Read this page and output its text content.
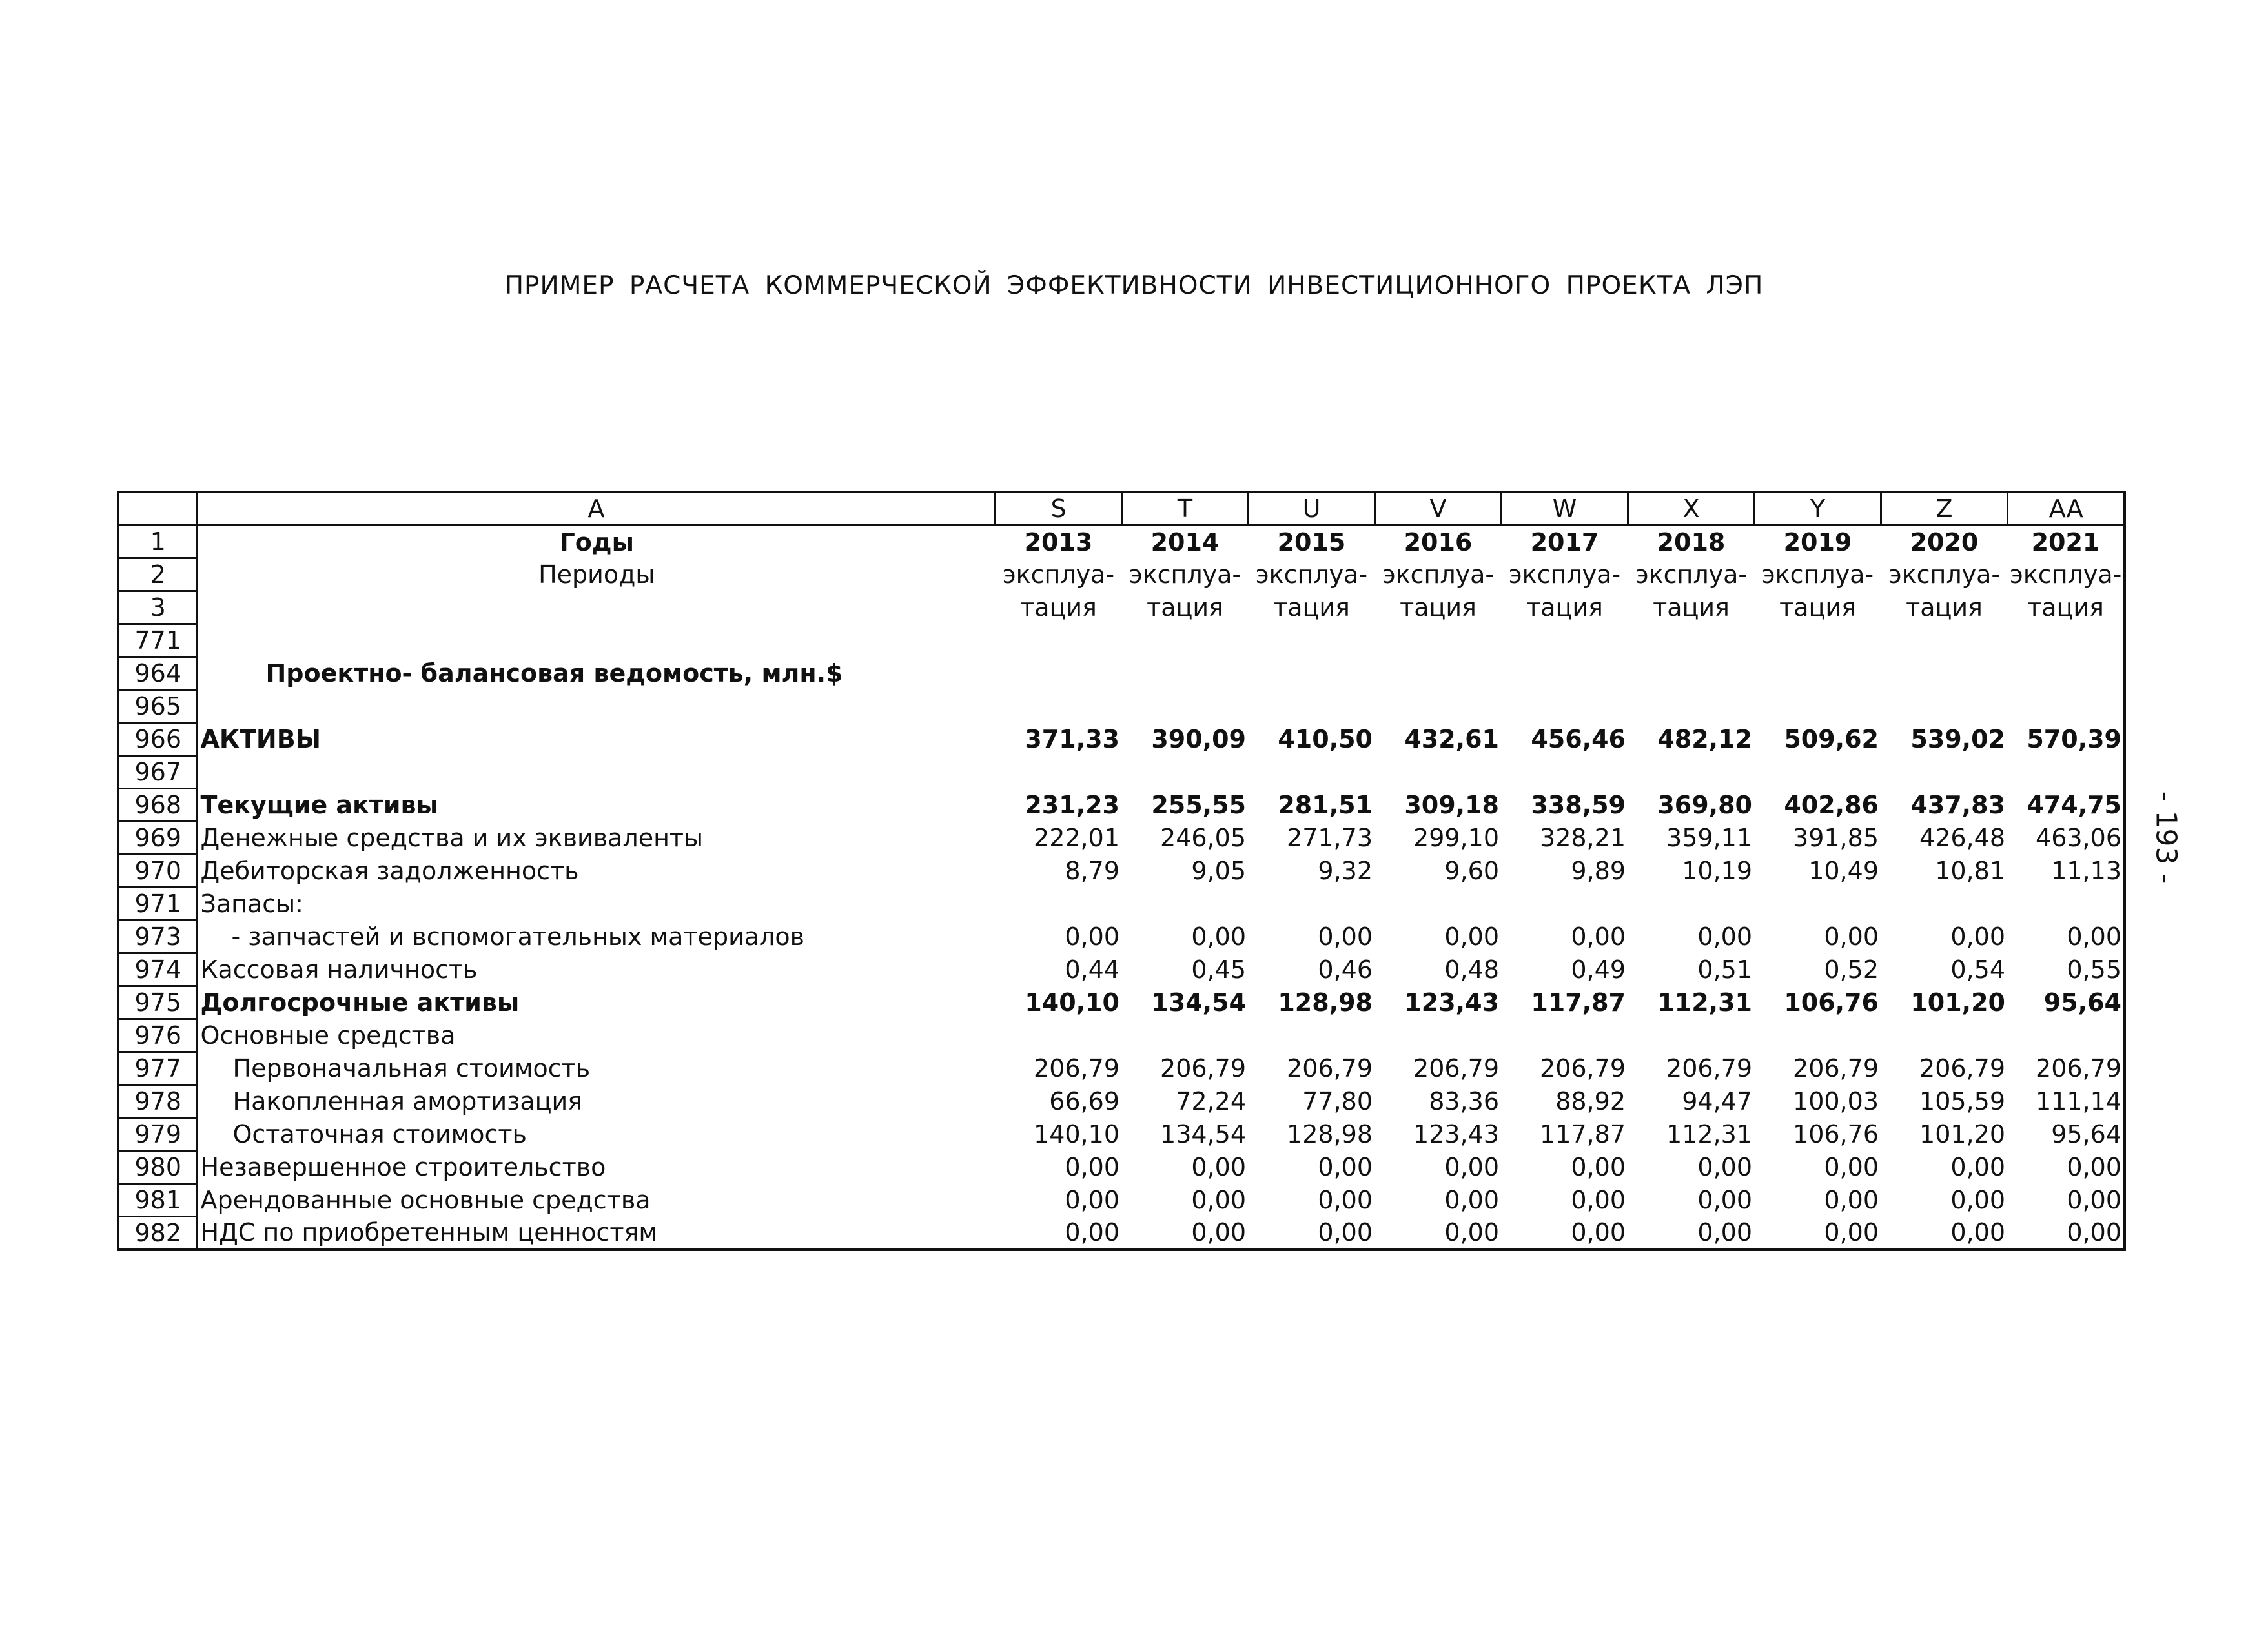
ПРИМЕР РАСЧЕТА КОММЕРЧЕСКОЙ ЭФФЕКТИВНОСТИ ИНВЕСТИЦИОННОГО ПРОЕКТА ЛЭП
- 193 -
	A	S	T	U	V	W	X	Y	Z	AA
1	Годы	2013	2014	2015	2016	2017	2018	2019	2020	2021
2	Периоды	эксплуа-	эксплуа-	эксплуа-	эксплуа-	эксплуа-	эксплуа-	эксплуа-	эксплуа-	эксплуа-
3		тация	тация	тация	тация	тация	тация	тация	тация	тация
771										
964	Проектно- балансовая ведомость, млн.$									
965										
966	АКТИВЫ	371,33	390,09	410,50	432,61	456,46	482,12	509,62	539,02	570,39
967										
968	Текущие активы	231,23	255,55	281,51	309,18	338,59	369,80	402,86	437,83	474,75
969	Денежные средства и их эквиваленты	222,01	246,05	271,73	299,10	328,21	359,11	391,85	426,48	463,06
970	Дебиторская задолженность	8,79	9,05	9,32	9,60	9,89	10,19	10,49	10,81	11,13
971	Запасы:									
973	- запчастей и вспомогательных материалов	0,00	0,00	0,00	0,00	0,00	0,00	0,00	0,00	0,00
974	Кассовая наличность	0,44	0,45	0,46	0,48	0,49	0,51	0,52	0,54	0,55
975	Долгосрочные активы	140,10	134,54	128,98	123,43	117,87	112,31	106,76	101,20	95,64
976	Основные средства									
977	Первоначальная стоимость	206,79	206,79	206,79	206,79	206,79	206,79	206,79	206,79	206,79
978	Накопленная амортизация	66,69	72,24	77,80	83,36	88,92	94,47	100,03	105,59	111,14
979	Остаточная стоимость	140,10	134,54	128,98	123,43	117,87	112,31	106,76	101,20	95,64
980	Незавершенное строительство	0,00	0,00	0,00	0,00	0,00	0,00	0,00	0,00	0,00
981	Арендованные основные средства	0,00	0,00	0,00	0,00	0,00	0,00	0,00	0,00	0,00
982	НДС по приобретенным ценностям	0,00	0,00	0,00	0,00	0,00	0,00	0,00	0,00	0,00
